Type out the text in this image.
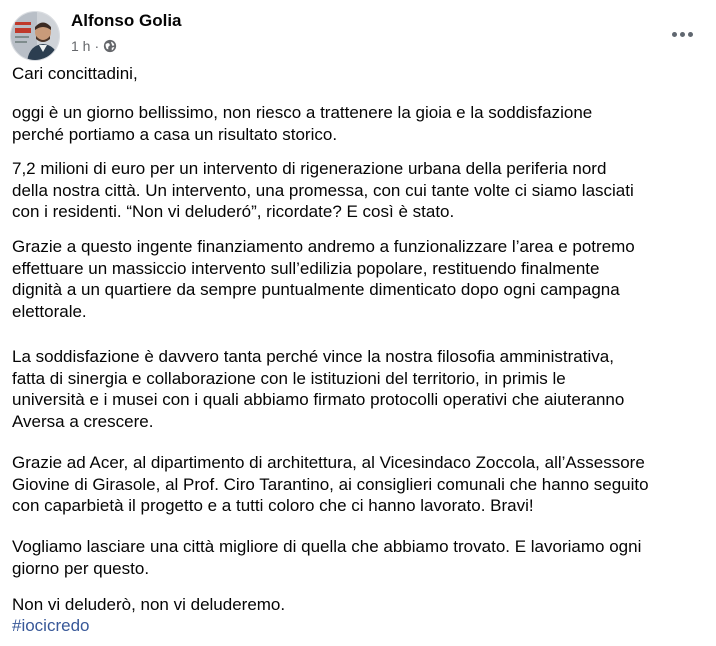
Alfonso Golia
1 h ·

Cari concittadini,

oggi è un giorno bellissimo, non riesco a trattenere la gioia e la soddisfazione
perché portiamo a casa un risultato storico.

7,2 milioni di euro per un intervento di rigenerazione urbana della periferia nord
della nostra città. Un intervento, una promessa, con cui tante volte ci siamo lasciati
con i residenti. “Non vi deluderó”, ricordate? E così è stato.

Grazie a questo ingente finanziamento andremo a funzionalizzare l’area e potremo
effettuare un massiccio intervento sull’edilizia popolare, restituendo finalmente
dignità a un quartiere da sempre puntualmente dimenticato dopo ogni campagna
elettorale.

La soddisfazione è davvero tanta perché vince la nostra filosofia amministrativa,
fatta di sinergia e collaborazione con le istituzioni del territorio, in primis le
università e i musei con i quali abbiamo firmato protocolli operativi che aiuteranno
Aversa a crescere.

Grazie ad Acer, al dipartimento di architettura, al Vicesindaco Zoccola, all’Assessore
Giovine di Girasole, al Prof. Ciro Tarantino, ai consiglieri comunali che hanno seguito
con caparbietà il progetto e a tutti coloro che ci hanno lavorato. Bravi!

Vogliamo lasciare una città migliore di quella che abbiamo trovato. E lavoriamo ogni
giorno per questo.

Non vi deluderò, non vi deluderemo.

#iocicredo
